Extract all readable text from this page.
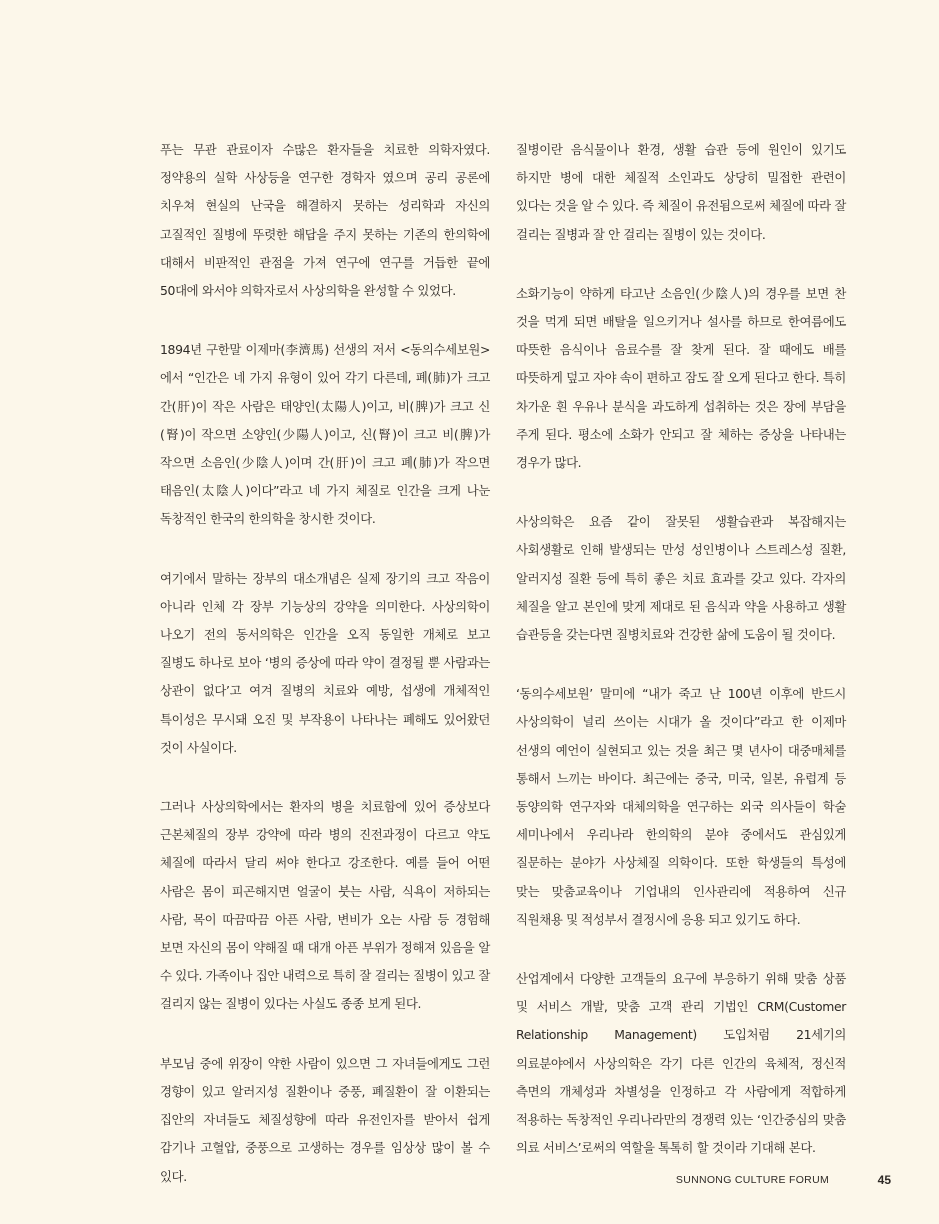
푸는 무관 관료이자 수많은 환자들을 치료한 의학자였다. 정약용의 실학 사상등을 연구한 경학자 였으며 공리 공론에 치우쳐 현실의 난국을 해결하지 못하는 성리학과 자신의 고질적인 질병에 뚜렷한 해답을 주지 못하는 기존의 한의학에 대해서 비판적인 관점을 가져 연구에 연구를 거듭한 끝에 50대에 와서야 의학자로서 사상의학을 완성할 수 있었다.

1894년 구한말 이제마(李濟馬) 선생의 저서 <동의수세보원>에서 “인간은 네 가지 유형이 있어 각기 다른데, 폐(肺)가 크고 간(肝)이 작은 사람은 태양인(太陽人)이고, 비(脾)가 크고 신(腎)이 작으면 소양인(少陽人)이고, 신(腎)이 크고 비(脾)가 작으면 소음인(少陰人)이며 간(肝)이 크고 폐(肺)가 작으면 태음인(太陰人)이다”라고 네 가지 체질로 인간을 크게 나눈 독창적인 한국의 한의학을 창시한 것이다.

여기에서 말하는 장부의 대소개념은 실제 장기의 크고 작음이 아니라 인체 각 장부 기능상의 강약을 의미한다. 사상의학이 나오기 전의 동서의학은 인간을 오직 동일한 개체로 보고 질병도 하나로 보아 ‘병의 증상에 따라 약이 결정될 뿐 사람과는 상관이 없다’고 여겨 질병의 치료와 예방, 섭생에 개체적인 특이성은 무시돼 오진 및 부작용이 나타나는 폐해도 있어왔던 것이 사실이다.

그러나 사상의학에서는 환자의 병을 치료함에 있어 증상보다 근본체질의 장부 강약에 따라 병의 진전과정이 다르고 약도 체질에 따라서 달리 써야 한다고 강조한다. 예를 들어 어떤 사람은 몸이 피곤해지면 얼굴이 붓는 사람, 식욕이 저하되는 사람, 목이 따끔따끔 아픈 사람, 변비가 오는 사람 등 경험해 보면 자신의 몸이 약해질 때 대개 아픈 부위가 정해져 있음을 알 수 있다. 가족이나 집안 내력으로 특히 잘 걸리는 질병이 있고 잘 걸리지 않는 질병이 있다는 사실도 종종 보게 된다.

부모님 중에 위장이 약한 사람이 있으면 그 자녀들에게도 그런 경향이 있고 알러지성 질환이나 중풍, 폐질환이 잘 이환되는 집안의 자녀들도 체질성향에 따라 유전인자를 받아서 쉽게 감기나 고혈압, 중풍으로 고생하는 경우를 임상상 많이 볼 수 있다.

질병이란 음식물이나 환경, 생활 습관 등에 원인이 있기도 하지만 병에 대한 체질적 소인과도 상당히 밀접한 관련이 있다는 것을 알 수 있다. 즉 체질이 유전됨으로써 체질에 따라 잘 걸리는 질병과 잘 안 걸리는 질병이 있는 것이다.

소화기능이 약하게 타고난 소음인(少陰人)의 경우를 보면 찬 것을 먹게 되면 배탈을 일으키거나 설사를 하므로 한여름에도 따뜻한 음식이나 음료수를 잘 찾게 된다. 잘 때에도 배를 따뜻하게 덮고 자야 속이 편하고 잠도 잘 오게 된다고 한다. 특히 차가운 흰 우유나 분식을 과도하게 섭취하는 것은 장에 부담을 주게 된다. 평소에 소화가 안되고 잘 체하는 증상을 나타내는 경우가 많다.

사상의학은 요즘 같이 잘못된 생활습관과 복잡해지는 사회생활로 인해 발생되는 만성 성인병이나 스트레스성 질환, 알러지성 질환 등에 특히 좋은 치료 효과를 갖고 있다. 각자의 체질을 알고 본인에 맞게 제대로 된 음식과 약을 사용하고 생활 습관등을 갖는다면 질병치료와 건강한 삶에 도움이 될 것이다.

‘동의수세보원’ 말미에 “내가 죽고 난 100년 이후에 반드시 사상의학이 널리 쓰이는 시대가 올 것이다”라고 한 이제마 선생의 예언이 실현되고 있는 것을 최근 몇 년사이 대중매체를 통해서 느끼는 바이다. 최근에는 중국, 미국, 일본, 유럽계 등 동양의학 연구자와 대체의학을 연구하는 외국 의사들이 학술 세미나에서 우리나라 한의학의 분야 중에서도 관심있게 질문하는 분야가 사상체질 의학이다. 또한 학생들의 특성에 맞는 맞춤교육이나 기업내의 인사관리에 적용하여 신규 직원채용 및 적성부서 결정시에 응용 되고 있기도 하다.

산업계에서 다양한 고객들의 요구에 부응하기 위해 맞춤 상품 및 서비스 개발, 맞춤 고객 관리 기법인 CRM(Customer Relationship Management) 도입처럼 21세기의 의료분야에서 사상의학은 각기 다른 인간의 육체적, 정신적 측면의 개체성과 차별성을 인정하고 각 사람에게 적합하게 적용하는 독창적인 우리나라만의 경쟁력 있는 ‘인간중심의 맞춤 의료 서비스’로써의 역할을 톡톡히 할 것이라 기대해 본다.

SUNNONG CULTURE FORUM	45
